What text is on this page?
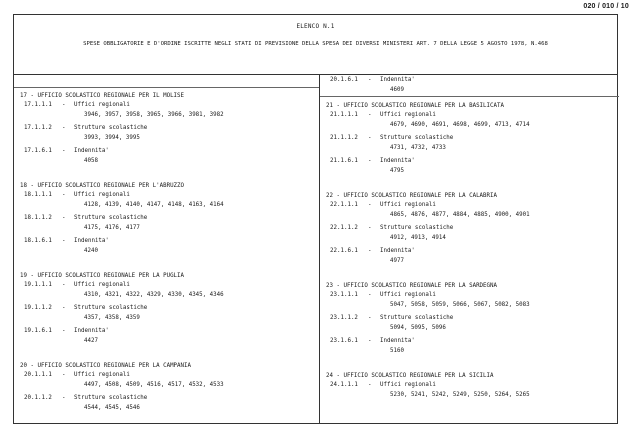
020 / 010 / 10
ELENCO N.1
SPESE OBBLIGATORIE E D'ORDINE ISCRITTE NEGLI STATI DI PREVISIONE DELLA SPESA DEI DIVERSI MINISTERI ART. 7 DELLA LEGGE 5 AGOSTO 1978, N.468
17 - UFFICIO SCOLASTICO REGIONALE PER IL MOLISE
17.1.1.1 - Uffici regionali
3946, 3957, 3958, 3965, 3966, 3981, 3982
17.1.1.2 - Strutture scolastiche
3993, 3994, 3995
17.1.6.1 - Indennita'
4058
18 - UFFICIO SCOLASTICO REGIONALE PER L'ABRUZZO
18.1.1.1 - Uffici regionali
4128, 4139, 4140, 4147, 4148, 4163, 4164
18.1.1.2 - Strutture scolastiche
4175, 4176, 4177
18.1.6.1 - Indennita'
4240
19 - UFFICIO SCOLASTICO REGIONALE PER LA PUGLIA
19.1.1.1 - Uffici regionali
4310, 4321, 4322, 4329, 4330, 4345, 4346
19.1.1.2 - Strutture scolastiche
4357, 4358, 4359
19.1.6.1 - Indennita'
4427
20 - UFFICIO SCOLASTICO REGIONALE PER LA CAMPANIA
20.1.1.1 - Uffici regionali
4497, 4508, 4509, 4516, 4517, 4532, 4533
20.1.1.2 - Strutture scolastiche
4544, 4545, 4546
20.1.6.1 - Indennita'
4609
21 - UFFICIO SCOLASTICO REGIONALE PER LA BASILICATA
21.1.1.1 - Uffici regionali
4679, 4690, 4691, 4698, 4699, 4713, 4714
21.1.1.2 - Strutture scolastiche
4731, 4732, 4733
21.1.6.1 - Indennita'
4795
22 - UFFICIO SCOLASTICO REGIONALE PER LA CALABRIA
22.1.1.1 - Uffici regionali
4865, 4876, 4877, 4884, 4885, 4900, 4901
22.1.1.2 - Strutture scolastiche
4912, 4913, 4914
22.1.6.1 - Indennita'
4977
23 - UFFICIO SCOLASTICO REGIONALE PER LA SARDEGNA
23.1.1.1 - Uffici regionali
5047, 5058, 5059, 5066, 5067, 5082, 5083
23.1.1.2 - Strutture scolastiche
5094, 5095, 5096
23.1.6.1 - Indennita'
5160
24 - UFFICIO SCOLASTICO REGIONALE PER LA SICILIA
24.1.1.1 - Uffici regionali
5230, 5241, 5242, 5249, 5250, 5264, 5265
